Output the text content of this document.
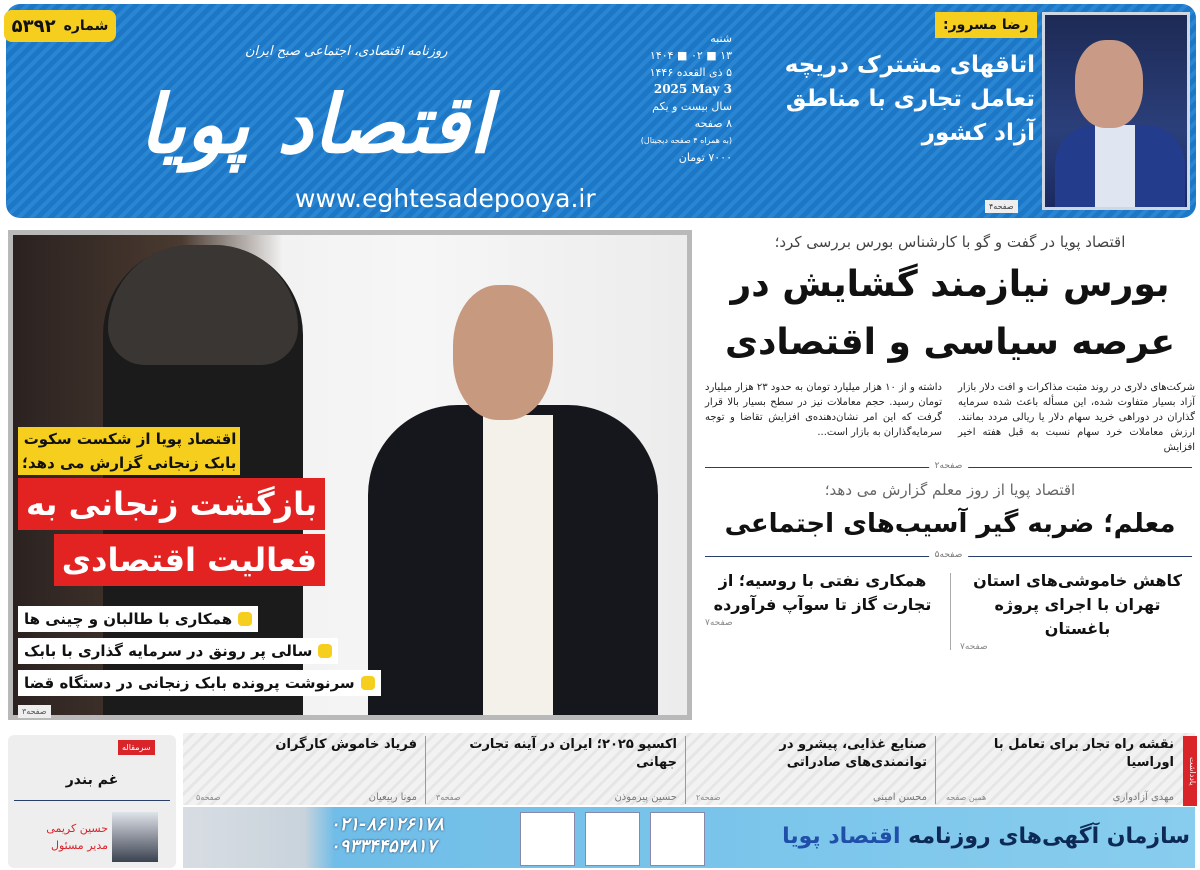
روزنامه اقتصادی، اجتماعی صبح ایران
اقتصاد پویا
www.eghtesadepooya.ir
شماره
۵۳۹۲
شنبه
۱۳ ■ ۰۲ ■ ۱۴۰۴
۵ ذی القعده ۱۴۴۶
2025 May 3
سال بیست و یکم
۸ صفحه
(به همراه ۴ صفحه دیجیتال)
۷۰۰۰ تومان
رضا مسرور:
اتاقهای مشترک دریچه تعامل تجاری با مناطق آزاد کشور
صفحه۴
اقتصاد پویا از شکست سکوت
بابک زنجانی گزارش می دهد؛
بازگشت زنجانی به
فعالیت اقتصادی
همکاری با طالبان و چینی ها
سالی پر رونق در سرمایه گذاری با بابک
سرنوشت پرونده بابک زنجانی در دستگاه قضا
صفحه۳
اقتصاد پویا در گفت و گو با کارشناس بورس بررسی کرد؛
بورس نیازمند گشایش در عرصه سیاسی و اقتصادی
شرکت‌های دلاری در روند مثبت مذاکرات و افت دلار بازار آزاد بسیار متفاوت شده، این مسأله باعث شده سرمایه گذاران در دوراهی خرید سهام دلار یا ریالی مردد بمانند. ارزش معاملات خرد سهام نسبت به قبل هفته اخیر افزایش
داشته و از ۱۰ هزار میلیارد تومان به حدود ۲۳ هزار میلیارد تومان رسید. حجم معاملات نیز در سطح بسیار بالا قرار گرفت که این امر نشان‌دهنده‌ی افزایش تقاضا و توجه سرمایه‌گذاران به بازار است...
صفحه۲
اقتصاد پویا از روز معلم گزارش می دهد؛
معلم؛ ضربه گیر آسیب‌های اجتماعی
صفحه۵
کاهش خاموشی‌های استان تهران با اجرای پروژه باغستان
صفحه۷
همکاری نفتی با روسیه؛ از تجارت گاز تا سوآپ فرآورده
صفحه۷
یادداشت
نقشه راه تجار برای تعامل با اوراسیا
مهدی آزادواری
همین صفحه
صنایع غذایی، پیشرو در توانمندی‌های صادراتی
محسن امینی
صفحه۲
اکسپو ۲۰۲۵؛ ایران در آینه تجارت جهانی
حسین پیرموذن
صفحه۳
فریاد خاموش کارگران
مونا ربیعیان
صفحه۵
سرمقاله
غم بندر
حسین کریمی
مدیر مسئول	سازمان آگهی‌های روزنامه اقتصاد پویا
۰۲۱-۸۶۱۲۶۱۷۸
۰۹۳۳۴۴۵۳۸۱۷
